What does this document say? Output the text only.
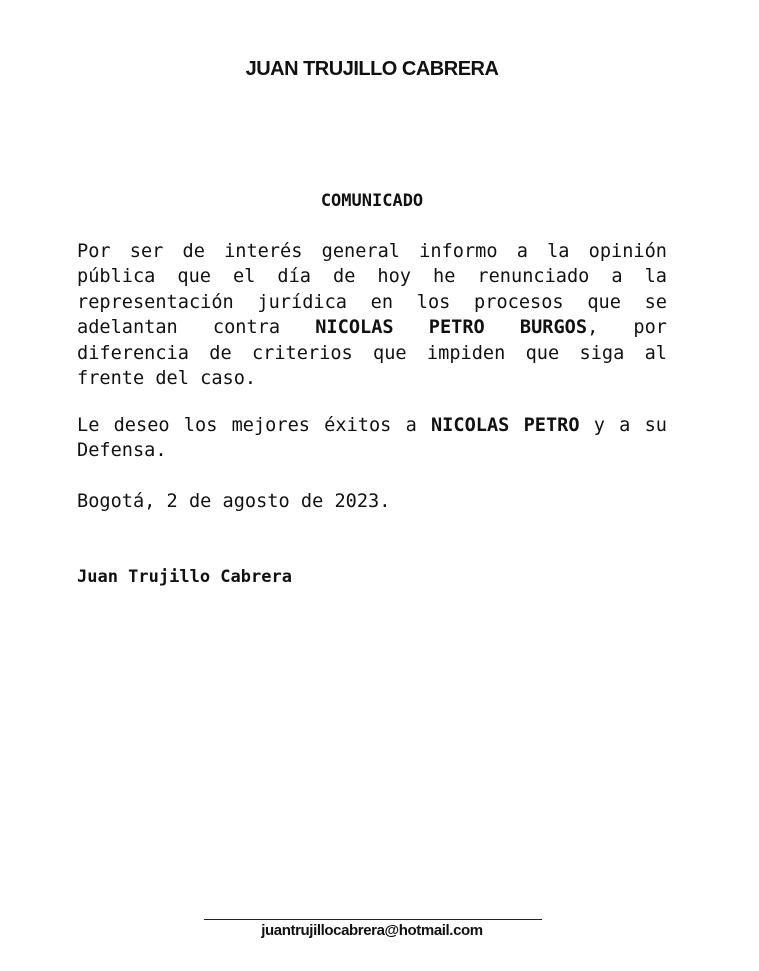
JUAN TRUJILLO CABRERA
COMUNICADO

Por ser de interés general informo a la opinión pública que el día de hoy he renunciado a la representación jurídica en los procesos que se adelantan contra NICOLAS PETRO BURGOS, por diferencia de criterios que impiden que siga al frente del caso.

Le deseo los mejores éxitos a NICOLAS PETRO y a su Defensa.

Bogotá, 2 de agosto de 2023.

Juan Trujillo Cabrera

juantrujillocabrera@hotmail.com
